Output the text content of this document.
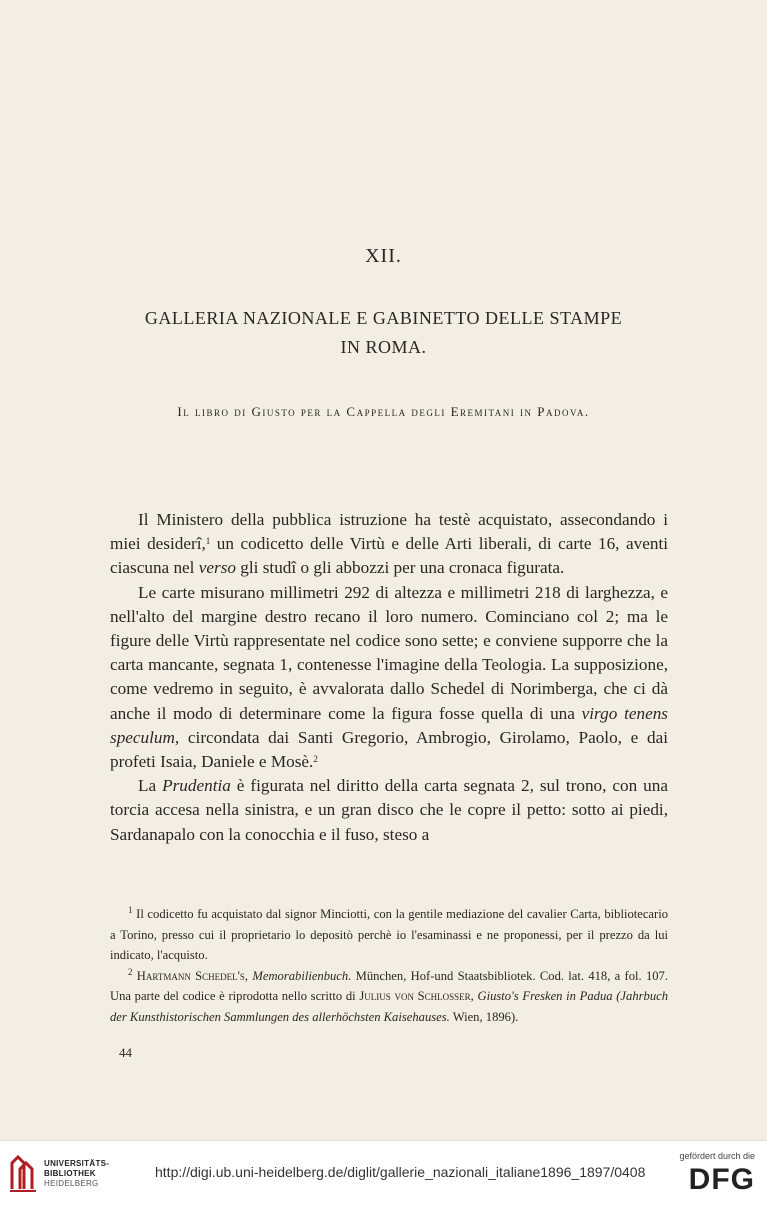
XII.
GALLERIA NAZIONALE E GABINETTO DELLE STAMPE
IN ROMA.
Il libro di Giusto per la Cappella degli Eremitani in Padova.

Il Ministero della pubblica istruzione ha testè acquistato, assecondando i miei desiderî,$^1$ un codicetto delle Virtù e delle Arti liberali, di carte 16, aventi ciascuna nel verso gli studî o gli abbozzi per una cronaca figurata.

Le carte misurano millimetri 292 di altezza e millimetri 218 di larghezza, e nell'alto del margine destro recano il loro numero. Cominciano col 2; ma le figure delle Virtù rappresentate nel codice sono sette; e conviene supporre che la carta mancante, segnata 1, contenesse l'imagine della Teologia. La supposizione, come vedremo in seguito, è avvalorata dallo Schedel di Norimberga, che ci dà anche il modo di determinare come la figura fosse quella di una virgo tenens speculum, circondata dai Santi Gregorio, Ambrogio, Girolamo, Paolo, e dai profeti Isaia, Daniele e Mosè.$^2$

La Prudentia è figurata nel diritto della carta segnata 2, sul trono, con una torcia accesa nella sinistra, e un gran disco che le copre il petto: sotto ai piedi, Sardanapalo con la conocchia e il fuso, steso a

$^1$ Il codicetto fu acquistato dal signor Minciotti, con la gentile mediazione del cavalier Carta, bibliotecario a Torino, presso cui il proprietario lo depositò perchè io l'esaminassi e ne proponessi, per il prezzo da lui indicato, l'acquisto.

$^2$ Hartmann Schedel's, Memorabilienbuch. München, Hof-und Staatsbibliotek. Cod. lat. 418, a fol. 107. Una parte del codice è riprodotta nello scritto di Julius von Schlosser, Giusto's Fresken in Padua (Jahrbuch der Kunsthistorischen Sammlungen des allerhöchsten Kaisehauses. Wien, 1896).

44
UNIVERSITÄTS-
BIBLIOTHEK
HEIDELBERG
http://digi.ub.uni-heidelberg.de/diglit/gallerie_nazionali_italiane1896_1897/0408
gefördert durch die
DFG
